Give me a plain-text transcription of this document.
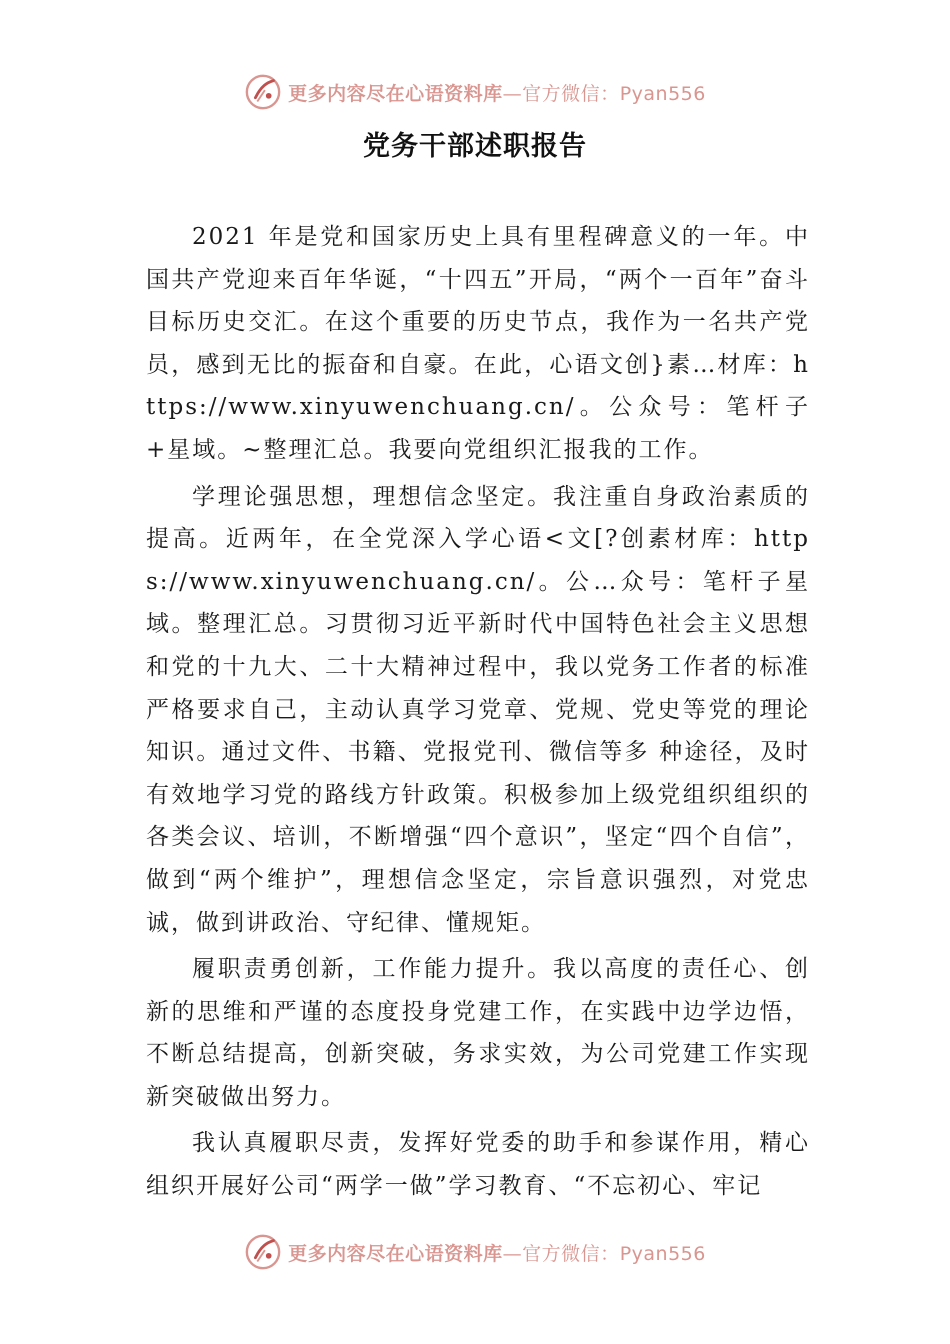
更多内容尽在心语资料库—官方微信：Pyan556
党务干部述职报告

2021 年是党和国家历史上具有里程碑意义的一年。中国共产党迎来百年华诞，“十四五”开局，“两个一百年”奋斗目标历史交汇。在这个重要的历史节点，我作为一名共产党员，感到无比的振奋和自豪。在此，心语文创}素…材库：https://www.xinyuwenchuang.cn/。公众号：笔杆子+星域。~整理汇总。我要向党组织汇报我的工作。

学理论强思想，理想信念坚定。我注重自身政治素质的提高。近两年，在全党深入学心语<文[?创素材库：https://www.xinyuwenchuang.cn/。公…众号：笔杆子星域。整理汇总。习贯彻习近平新时代中国特色社会主义思想和党的十九大、二十大精神过程中，我以党务工作者的标准严格要求自己，主动认真学习党章、党规、党史等党的理论知识。通过文件、书籍、党报党刊、微信等多 种途径，及时有效地学习党的路线方针政策。积极参加上级党组织组织的各类会议、培训，不断增强“四个意识”，坚定“四个自信”，做到“两个维护”，理想信念坚定，宗旨意识强烈，对党忠诚，做到讲政治、守纪律、懂规矩。

履职责勇创新，工作能力提升。我以高度的责任心、创新的思维和严谨的态度投身党建工作，在实践中边学边悟， 不断总结提高，创新突破，务求实效，为公司党建工作实现新突破做出努力。

我认真履职尽责，发挥好党委的助手和参谋作用，精心组织开展好公司“两学一做”学习教育、“不忘初心、牢记

更多内容尽在心语资料库—官方微信：Pyan556
